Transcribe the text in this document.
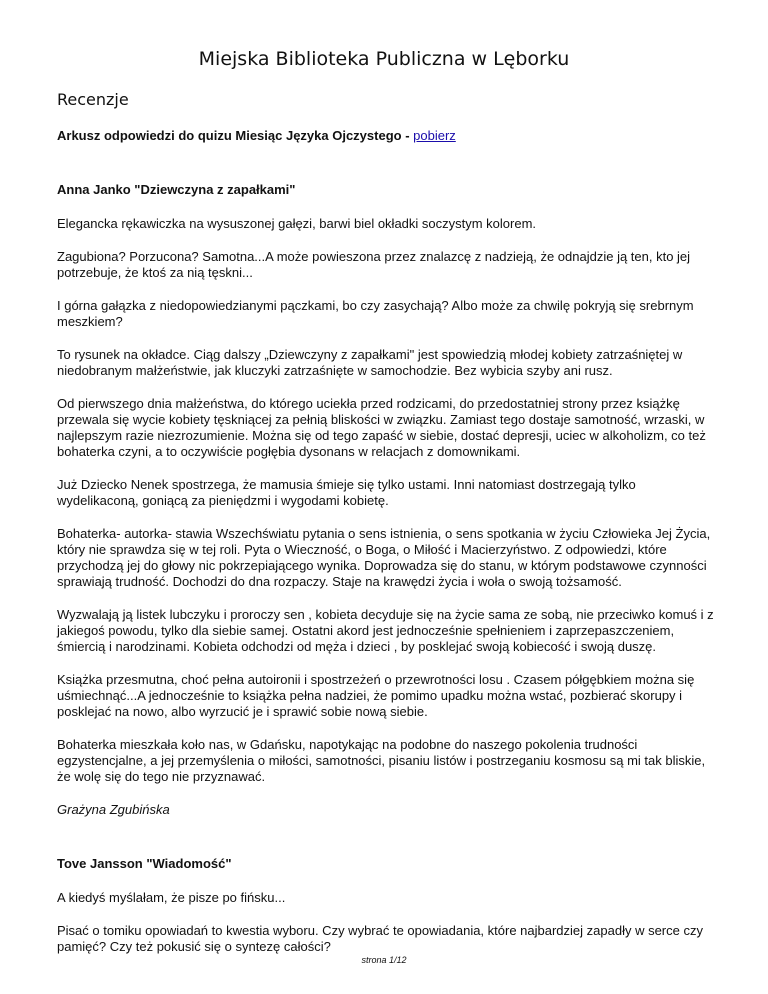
Miejska Biblioteka Publiczna w Lęborku
Recenzje

Arkusz odpowiedzi do quizu Miesiąc Języka Ojczystego - pobierz

Anna Janko "Dziewczyna z zapałkami"

Elegancka rękawiczka na wysuszonej gałęzi, barwi biel okładki soczystym kolorem.

Zagubiona? Porzucona? Samotna...A może powieszona przez znalazcę z nadzieją, że odnajdzie ją ten, kto jej potrzebuje, że ktoś za nią tęskni...

I górna gałązka z niedopowiedzianymi pączkami, bo czy zasychają? Albo może za chwilę pokryją się srebrnym meszkiem?

To rysunek na okładce. Ciąg dalszy „Dziewczyny z zapałkami" jest spowiedzią młodej kobiety zatrzaśniętej w niedobranym małżeństwie, jak kluczyki zatrzaśnięte w samochodzie. Bez wybicia szyby ani rusz.

Od pierwszego dnia małżeństwa, do którego uciekła przed rodzicami, do przedostatniej strony przez książkę przewala się wycie kobiety tęskniącej za pełnią bliskości w związku. Zamiast tego dostaje samotność, wrzaski, w najlepszym razie niezrozumienie. Można się od tego zapaść w siebie, dostać depresji, uciec w alkoholizm, co też bohaterka czyni, a to oczywiście pogłębia dysonans w relacjach z domownikami.

Już Dziecko Nenek spostrzega, że mamusia śmieje się tylko ustami. Inni natomiast dostrzegają tylko wydelikaconą, goniącą za pieniędzmi i wygodami kobietę.

Bohaterka- autorka- stawia Wszechświatu pytania o sens istnienia, o sens spotkania w życiu Człowieka Jej Życia, który nie sprawdza się w tej roli. Pyta o Wieczność, o Boga, o Miłość i Macierzyństwo. Z odpowiedzi, które przychodzą jej do głowy nic pokrzepiającego wynika. Doprowadza się do stanu, w którym podstawowe czynności sprawiają trudność. Dochodzi do dna rozpaczy. Staje na krawędzi życia i woła o swoją tożsamość.

Wyzwalają ją listek lubczyku i proroczy sen , kobieta decyduje się na życie sama ze sobą, nie przeciwko komuś i z jakiegoś powodu, tylko dla siebie samej. Ostatni akord jest jednocześnie spełnieniem i zaprzepaszczeniem, śmiercią i narodzinami. Kobieta odchodzi od męża i dzieci , by posklejać swoją kobiecość i swoją duszę.

Książka przesmutna, choć pełna autoironii i spostrzeżeń o przewrotności losu . Czasem półgębkiem można się uśmiechnąć...A jednocześnie to książka pełna nadziei, że pomimo upadku można wstać, pozbierać skorupy i posklejać na nowo, albo wyrzucić je i sprawić sobie nową siebie.

Bohaterka mieszkała koło nas, w Gdańsku, napotykając na podobne do naszego pokolenia trudności egzystencjalne, a jej przemyślenia o miłości, samotności, pisaniu listów i postrzeganiu kosmosu są mi tak bliskie, że wolę się do tego nie przyznawać.

Grażyna Zgubińska

Tove Jansson "Wiadomość"

A kiedyś myślałam, że pisze po fińsku...

Pisać o tomiku opowiadań to kwestia wyboru. Czy wybrać te opowiadania, które najbardziej zapadły w serce czy pamięć? Czy też pokusić się o syntezę całości?

strona 1/12
